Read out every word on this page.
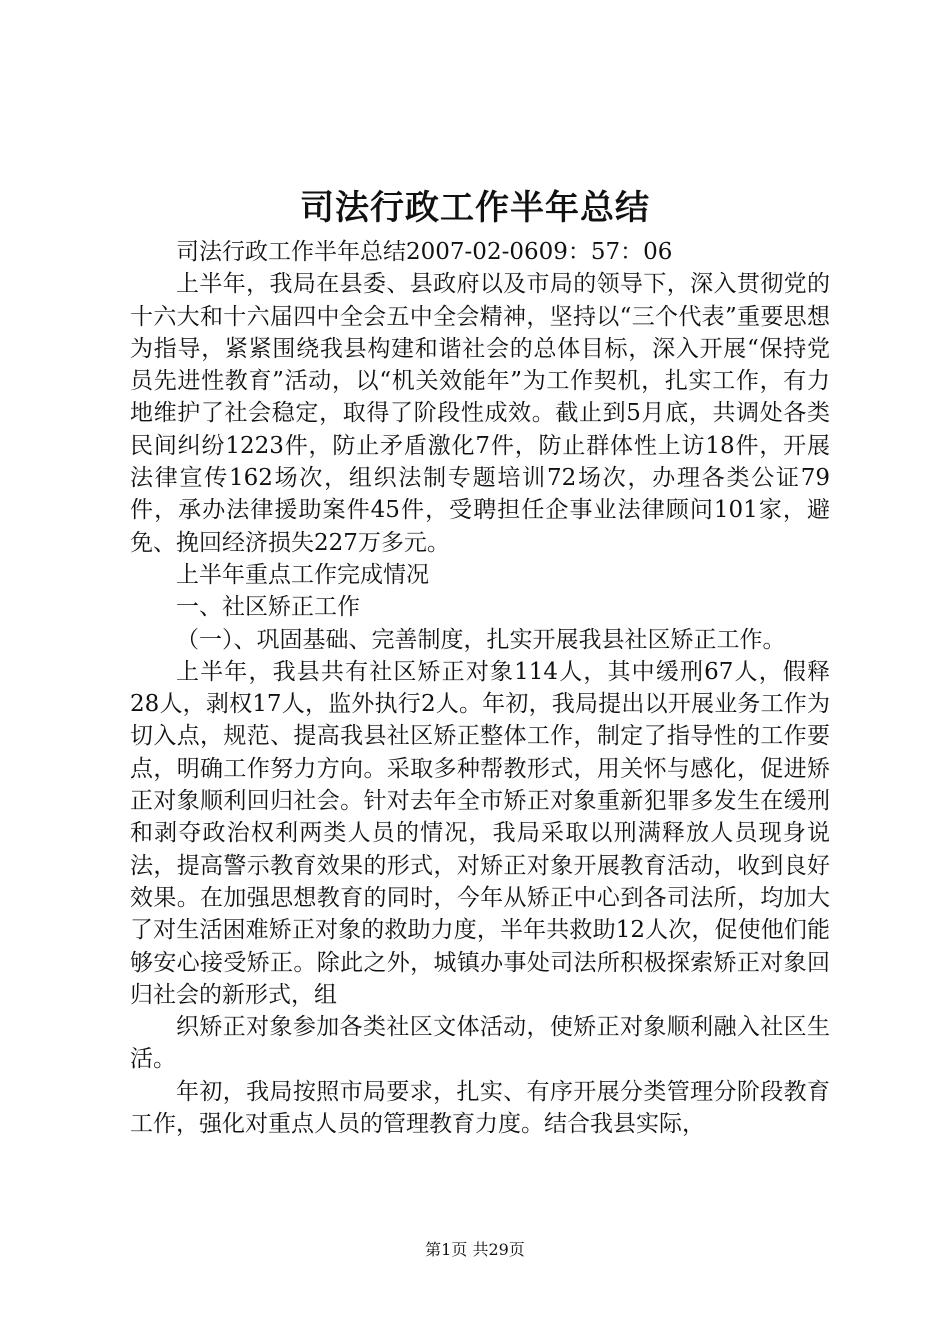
司法行政工作半年总结

司法行政工作半年总结2007-02-0609：57：06

上半年，我局在县委、县政府以及市局的领导下，深入贯彻党的十六大和十六届四中全会五中全会精神，坚持以“三个代表”重要思想为指导，紧紧围绕我县构建和谐社会的总体目标，深入开展“保持党员先进性教育”活动，以“机关效能年”为工作契机，扎实工作，有力地维护了社会稳定，取得了阶段性成效。截止到5月底，共调处各类民间纠纷1223件，防止矛盾激化7件，防止群体性上访18件，开展法律宣传162场次，组织法制专题培训72场次，办理各类公证79件，承办法律援助案件45件，受聘担任企事业法律顾问101家，避免、挽回经济损失227万多元。

上半年重点工作完成情况

一、社区矫正工作

（一）、巩固基础、完善制度，扎实开展我县社区矫正工作。

上半年，我县共有社区矫正对象114人，其中缓刑67人，假释28人，剥权17人，监外执行2人。年初，我局提出以开展业务工作为切入点，规范、提高我县社区矫正整体工作，制定了指导性的工作要点，明确工作努力方向。采取多种帮教形式，用关怀与感化，促进矫正对象顺利回归社会。针对去年全市矫正对象重新犯罪多发生在缓刑和剥夺政治权利两类人员的情况，我局采取以刑满释放人员现身说法，提高警示教育效果的形式，对矫正对象开展教育活动，收到良好效果。在加强思想教育的同时，今年从矫正中心到各司法所，均加大了对生活困难矫正对象的救助力度，半年共救助12人次，促使他们能够安心接受矫正。除此之外，城镇办事处司法所积极探索矫正对象回归社会的新形式，组

织矫正对象参加各类社区文体活动，使矫正对象顺利融入社区生活。

年初，我局按照市局要求，扎实、有序开展分类管理分阶段教育工作，强化对重点人员的管理教育力度。结合我县实际，

第1页 共29页
